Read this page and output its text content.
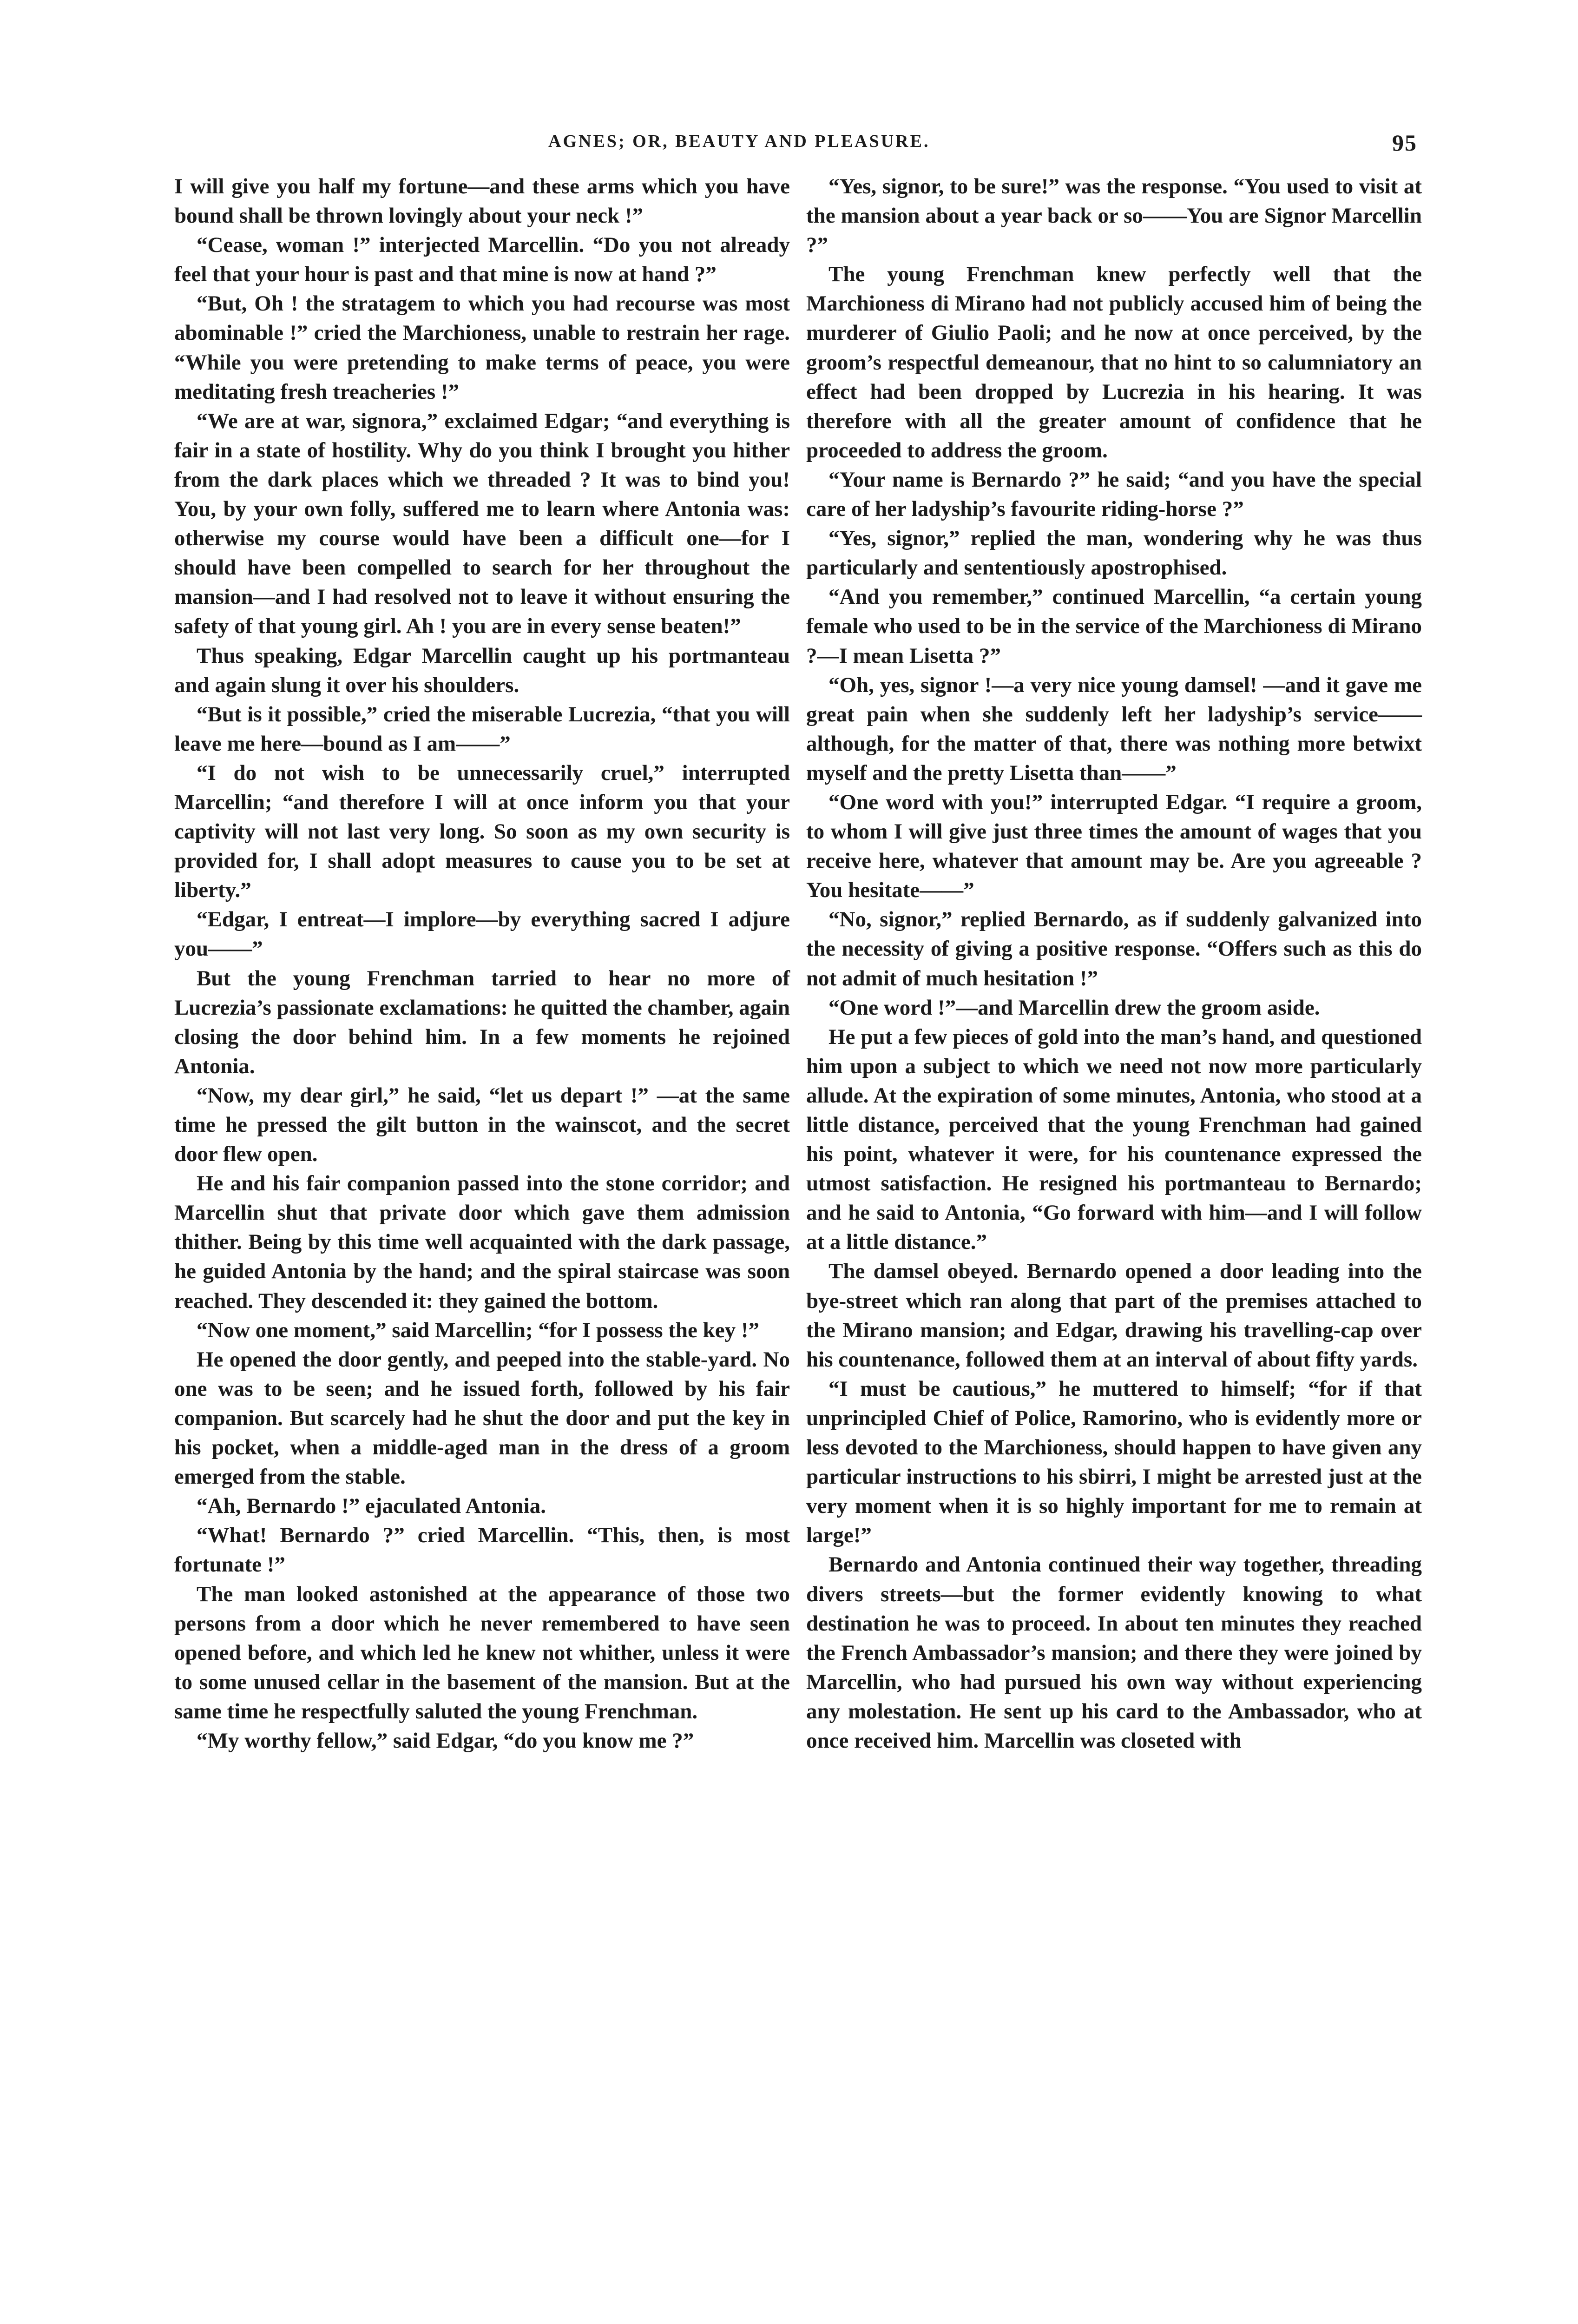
AGNES; OR, BEAUTY AND PLEASURE.	95

I will give you half my fortune—and these arms which you have bound shall be thrown lovingly about your neck !”

“Cease, woman !” interjected Marcellin. “Do you not already feel that your hour is past and that mine is now at hand ?”

“But, Oh ! the stratagem to which you had recourse was most abominable !” cried the Marchioness, unable to restrain her rage. “While you were pretending to make terms of peace, you were meditating fresh treacheries !”

“We are at war, signora,” exclaimed Edgar; “and everything is fair in a state of hostility. Why do you think I brought you hither from the dark places which we threaded ? It was to bind you! You, by your own folly, suffered me to learn where Antonia was: otherwise my course would have been a difficult one—for I should have been compelled to search for her throughout the mansion—and I had resolved not to leave it without ensuring the safety of that young girl. Ah ! you are in every sense beaten!”

Thus speaking, Edgar Marcellin caught up his portmanteau and again slung it over his shoulders.

“But is it possible,” cried the miserable Lucrezia, “that you will leave me here—bound as I am——”

“I do not wish to be unnecessarily cruel,” interrupted Marcellin; “and therefore I will at once inform you that your captivity will not last very long. So soon as my own security is provided for, I shall adopt measures to cause you to be set at liberty.”

“Edgar, I entreat—I implore—by everything sacred I adjure you——”

But the young Frenchman tarried to hear no more of Lucrezia’s passionate exclamations: he quitted the chamber, again closing the door behind him. In a few moments he rejoined Antonia.

“Now, my dear girl,” he said, “let us depart !” —at the same time he pressed the gilt button in the wainscot, and the secret door flew open.

He and his fair companion passed into the stone corridor; and Marcellin shut that private door which gave them admission thither. Being by this time well acquainted with the dark passage, he guided Antonia by the hand; and the spiral staircase was soon reached. They descended it: they gained the bottom.

“Now one moment,” said Marcellin; “for I possess the key !”

He opened the door gently, and peeped into the stable-yard. No one was to be seen; and he issued forth, followed by his fair companion. But scarcely had he shut the door and put the key in his pocket, when a middle-aged man in the dress of a groom emerged from the stable.

“Ah, Bernardo !” ejaculated Antonia.

“What! Bernardo ?” cried Marcellin. “This, then, is most fortunate !”

The man looked astonished at the appearance of those two persons from a door which he never remembered to have seen opened before, and which led he knew not whither, unless it were to some unused cellar in the basement of the mansion. But at the same time he respectfully saluted the young Frenchman.

“My worthy fellow,” said Edgar, “do you know me ?”

“Yes, signor, to be sure!” was the response. “You used to visit at the mansion about a year back or so——You are Signor Marcellin ?”

The young Frenchman knew perfectly well that the Marchioness di Mirano had not publicly accused him of being the murderer of Giulio Paoli; and he now at once perceived, by the groom’s respectful demeanour, that no hint to so calumniatory an effect had been dropped by Lucrezia in his hearing. It was therefore with all the greater amount of confidence that he proceeded to address the groom.

“Your name is Bernardo ?” he said; “and you have the special care of her ladyship’s favourite riding-horse ?”

“Yes, signor,” replied the man, wondering why he was thus particularly and sententiously apostrophised.

“And you remember,” continued Marcellin, “a certain young female who used to be in the service of the Marchioness di Mirano ?—I mean Lisetta ?”

“Oh, yes, signor !—a very nice young damsel! —and it gave me great pain when she suddenly left her ladyship’s service——although, for the matter of that, there was nothing more betwixt myself and the pretty Lisetta than——”

“One word with you!” interrupted Edgar. “I require a groom, to whom I will give just three times the amount of wages that you receive here, whatever that amount may be. Are you agreeable ? You hesitate——”

“No, signor,” replied Bernardo, as if suddenly galvanized into the necessity of giving a positive response. “Offers such as this do not admit of much hesitation !”

“One word !”—and Marcellin drew the groom aside.

He put a few pieces of gold into the man’s hand, and questioned him upon a subject to which we need not now more particularly allude. At the expiration of some minutes, Antonia, who stood at a little distance, perceived that the young Frenchman had gained his point, whatever it were, for his countenance expressed the utmost satisfaction. He resigned his portmanteau to Bernardo; and he said to Antonia, “Go forward with him—and I will follow at a little distance.”

The damsel obeyed. Bernardo opened a door leading into the bye-street which ran along that part of the premises attached to the Mirano mansion; and Edgar, drawing his travelling-cap over his countenance, followed them at an interval of about fifty yards.

“I must be cautious,” he muttered to himself; “for if that unprincipled Chief of Police, Ramorino, who is evidently more or less devoted to the Marchioness, should happen to have given any particular instructions to his sbirri, I might be arrested just at the very moment when it is so highly important for me to remain at large!”

Bernardo and Antonia continued their way together, threading divers streets—but the former evidently knowing to what destination he was to proceed. In about ten minutes they reached the French Ambassador’s mansion; and there they were joined by Marcellin, who had pursued his own way without experiencing any molestation. He sent up his card to the Ambassador, who at once received him. Marcellin was closeted with
